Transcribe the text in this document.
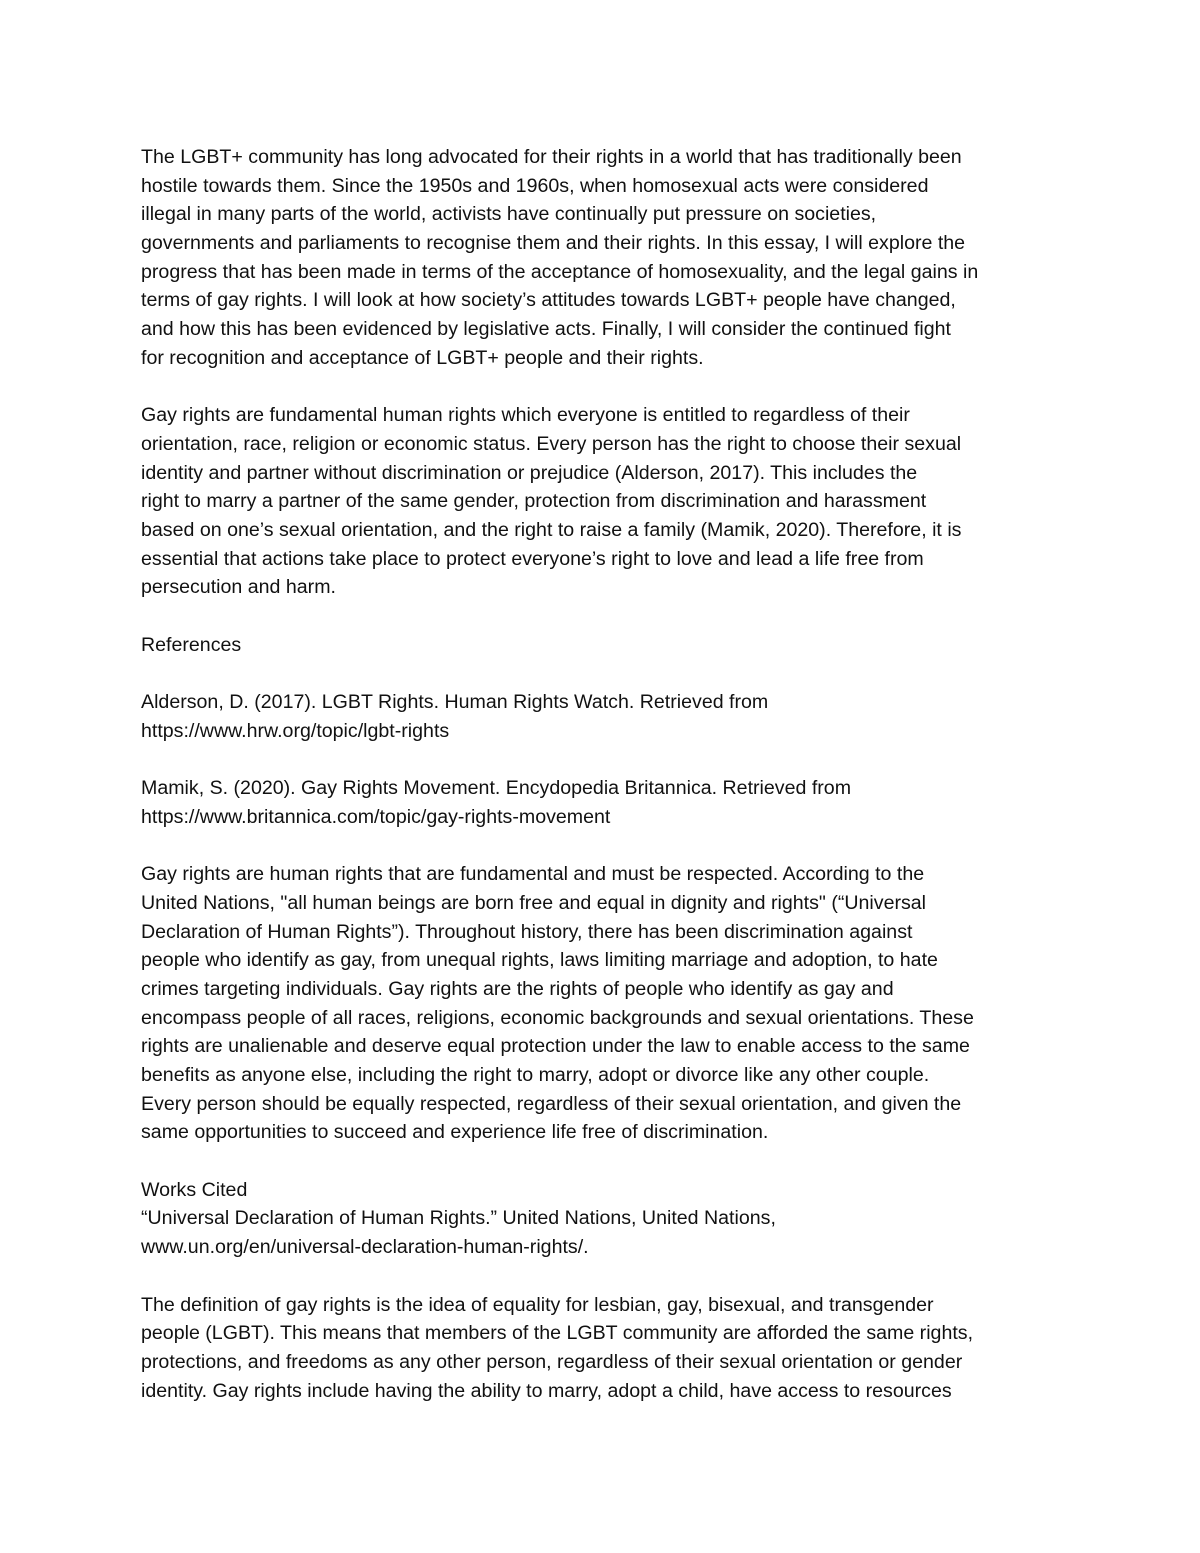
The LGBT+ community has long advocated for their rights in a world that has traditionally been
hostile towards them. Since the 1950s and 1960s, when homosexual acts were considered
illegal in many parts of the world, activists have continually put pressure on societies,
governments and parliaments to recognise them and their rights. In this essay, I will explore the
progress that has been made in terms of the acceptance of homosexuality, and the legal gains in
terms of gay rights. I will look at how society’s attitudes towards LGBT+ people have changed,
and how this has been evidenced by legislative acts. Finally, I will consider the continued fight
for recognition and acceptance of LGBT+ people and their rights.
Gay rights are fundamental human rights which everyone is entitled to regardless of their
orientation, race, religion or economic status. Every person has the right to choose their sexual
identity and partner without discrimination or prejudice (Alderson, 2017). This includes the
right to marry a partner of the same gender, protection from discrimination and harassment
based on one’s sexual orientation, and the right to raise a family (Mamik, 2020). Therefore, it is
essential that actions take place to protect everyone’s right to love and lead a life free from
persecution and harm.
References
Alderson, D. (2017). LGBT Rights. Human Rights Watch. Retrieved from
https://www.hrw.org/topic/lgbt-rights
Mamik, S. (2020). Gay Rights Movement. Encydopedia Britannica. Retrieved from
https://www.britannica.com/topic/gay-rights-movement
Gay rights are human rights that are fundamental and must be respected. According to the
United Nations, "all human beings are born free and equal in dignity and rights" (“Universal
Declaration of Human Rights”). Throughout history, there has been discrimination against
people who identify as gay, from unequal rights, laws limiting marriage and adoption, to hate
crimes targeting individuals. Gay rights are the rights of people who identify as gay and
encompass people of all races, religions, economic backgrounds and sexual orientations. These
rights are unalienable and deserve equal protection under the law to enable access to the same
benefits as anyone else, including the right to marry, adopt or divorce like any other couple.
Every person should be equally respected, regardless of their sexual orientation, and given the
same opportunities to succeed and experience life free of discrimination.
Works Cited
“Universal Declaration of Human Rights.” United Nations, United Nations,
www.un.org/en/universal-declaration-human-rights/.
The definition of gay rights is the idea of equality for lesbian, gay, bisexual, and transgender
people (LGBT). This means that members of the LGBT community are afforded the same rights,
protections, and freedoms as any other person, regardless of their sexual orientation or gender
identity. Gay rights include having the ability to marry, adopt a child, have access to resources
